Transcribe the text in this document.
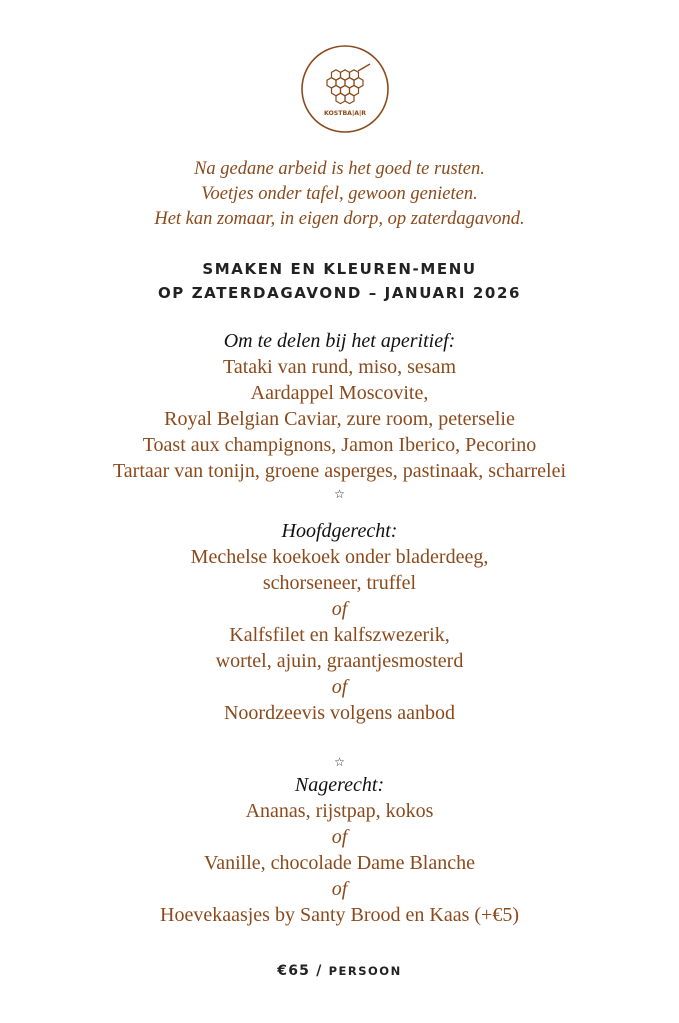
KOSTBA|A|R
Na gedane arbeid is het goed te rusten.
Voetjes onder tafel, gewoon genieten.
Het kan zomaar, in eigen dorp, op zaterdagavond.
SMAKEN EN KLEUREN-MENU
OP ZATERDAGAVOND – JANUARI 2026
Om te delen bij het aperitief:
Tataki van rund, miso, sesam
Aardappel Moscovite,
Royal Belgian Caviar, zure room, peterselie
Toast aux champignons, Jamon Iberico, Pecorino
Tartaar van tonijn, groene asperges, pastinaak, scharrelei
☆
Hoofdgerecht:
Mechelse koekoek onder bladerdeeg,
schorseneer, truffel
of
Kalfsfilet en kalfszwezerik,
wortel, ajuin, graantjesmosterd
of
Noordzeevis volgens aanbod
☆
Nagerecht:
Ananas, rijstpap, kokos
of
Vanille, chocolade Dame Blanche
of
Hoevekaasjes by Santy Brood en Kaas (+€5)
€65 / PERSOON
